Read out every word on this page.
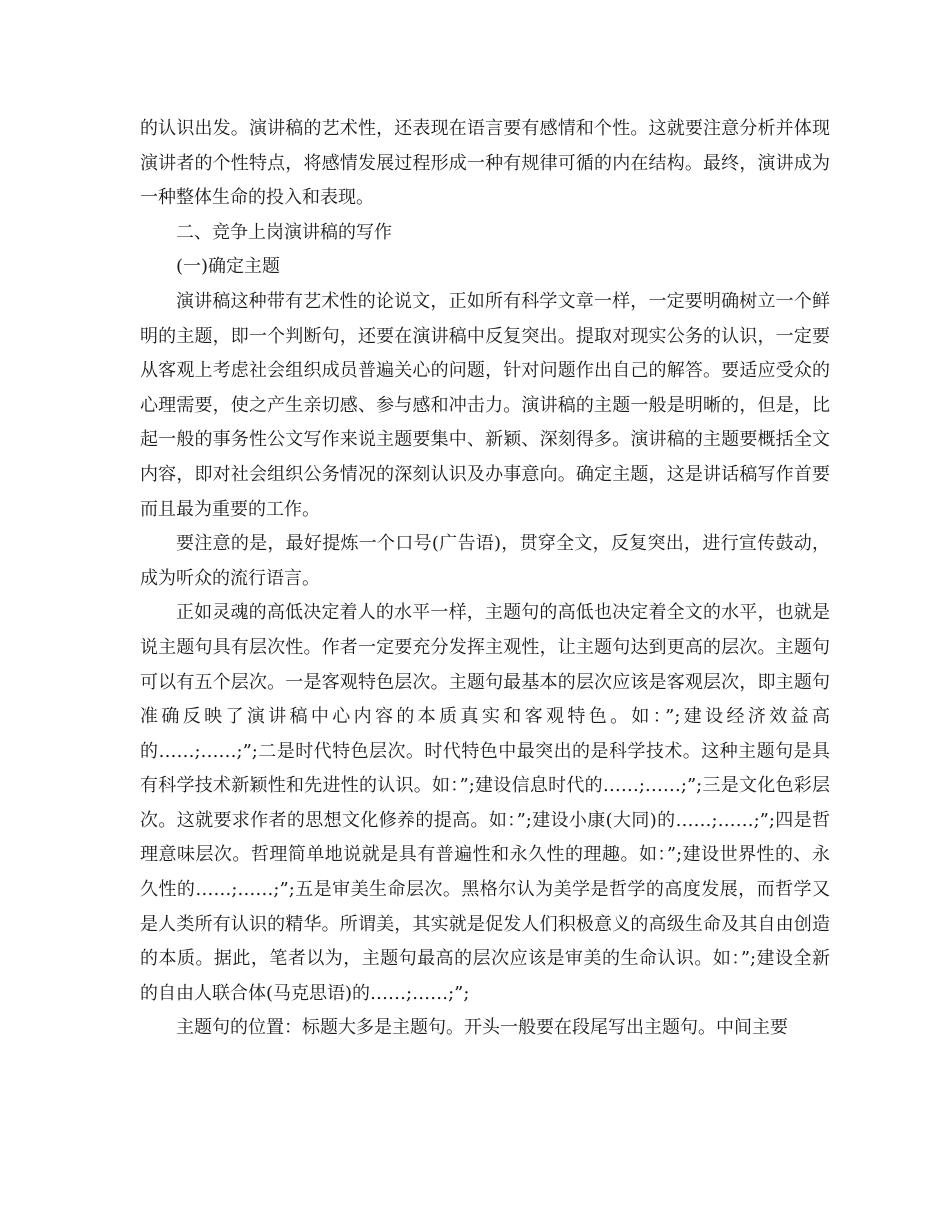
的认识出发。演讲稿的艺术性，还表现在语言要有感情和个性。这就要注意分析并体现演讲者的个性特点，将感情发展过程形成一种有规律可循的内在结构。最终，演讲成为一种整体生命的投入和表现。

二、竞争上岗演讲稿的写作

(一)确定主题

演讲稿这种带有艺术性的论说文，正如所有科学文章一样，一定要明确树立一个鲜明的主题，即一个判断句，还要在演讲稿中反复突出。提取对现实公务的认识，一定要从客观上考虑社会组织成员普遍关心的问题，针对问题作出自己的解答。要适应受众的心理需要，使之产生亲切感、参与感和冲击力。演讲稿的主题一般是明晰的，但是，比起一般的事务性公文写作来说主题要集中、新颖、深刻得多。演讲稿的主题要概括全文内容，即对社会组织公务情况的深刻认识及办事意向。确定主题，这是讲话稿写作首要而且最为重要的工作。

要注意的是，最好提炼一个口号(广告语)，贯穿全文，反复突出，进行宣传鼓动，成为听众的流行语言。

正如灵魂的高低决定着人的水平一样，主题句的高低也决定着全文的水平，也就是说主题句具有层次性。作者一定要充分发挥主观性，让主题句达到更高的层次。主题句可以有五个层次。一是客观特色层次。主题句最基本的层次应该是客观层次，即主题句准确反映了演讲稿中心内容的本质真实和客观特色。如：”;建设经济效益高的……;……;”;二是时代特色层次。时代特色中最突出的是科学技术。这种主题句是具有科学技术新颖性和先进性的认识。如：”;建设信息时代的……;……;”;三是文化色彩层次。这就要求作者的思想文化修养的提高。如：”;建设小康(大同)的……;……;”;四是哲理意味层次。哲理简单地说就是具有普遍性和永久性的理趣。如：”;建设世界性的、永久性的……;……;”;五是审美生命层次。黑格尔认为美学是哲学的高度发展，而哲学又是人类所有认识的精华。所谓美，其实就是促发人们积极意义的高级生命及其自由创造的本质。据此，笔者以为，主题句最高的层次应该是审美的生命认识。如：”;建设全新的自由人联合体(马克思语)的……;……;”;

主题句的位置：标题大多是主题句。开头一般要在段尾写出主题句。中间主要
